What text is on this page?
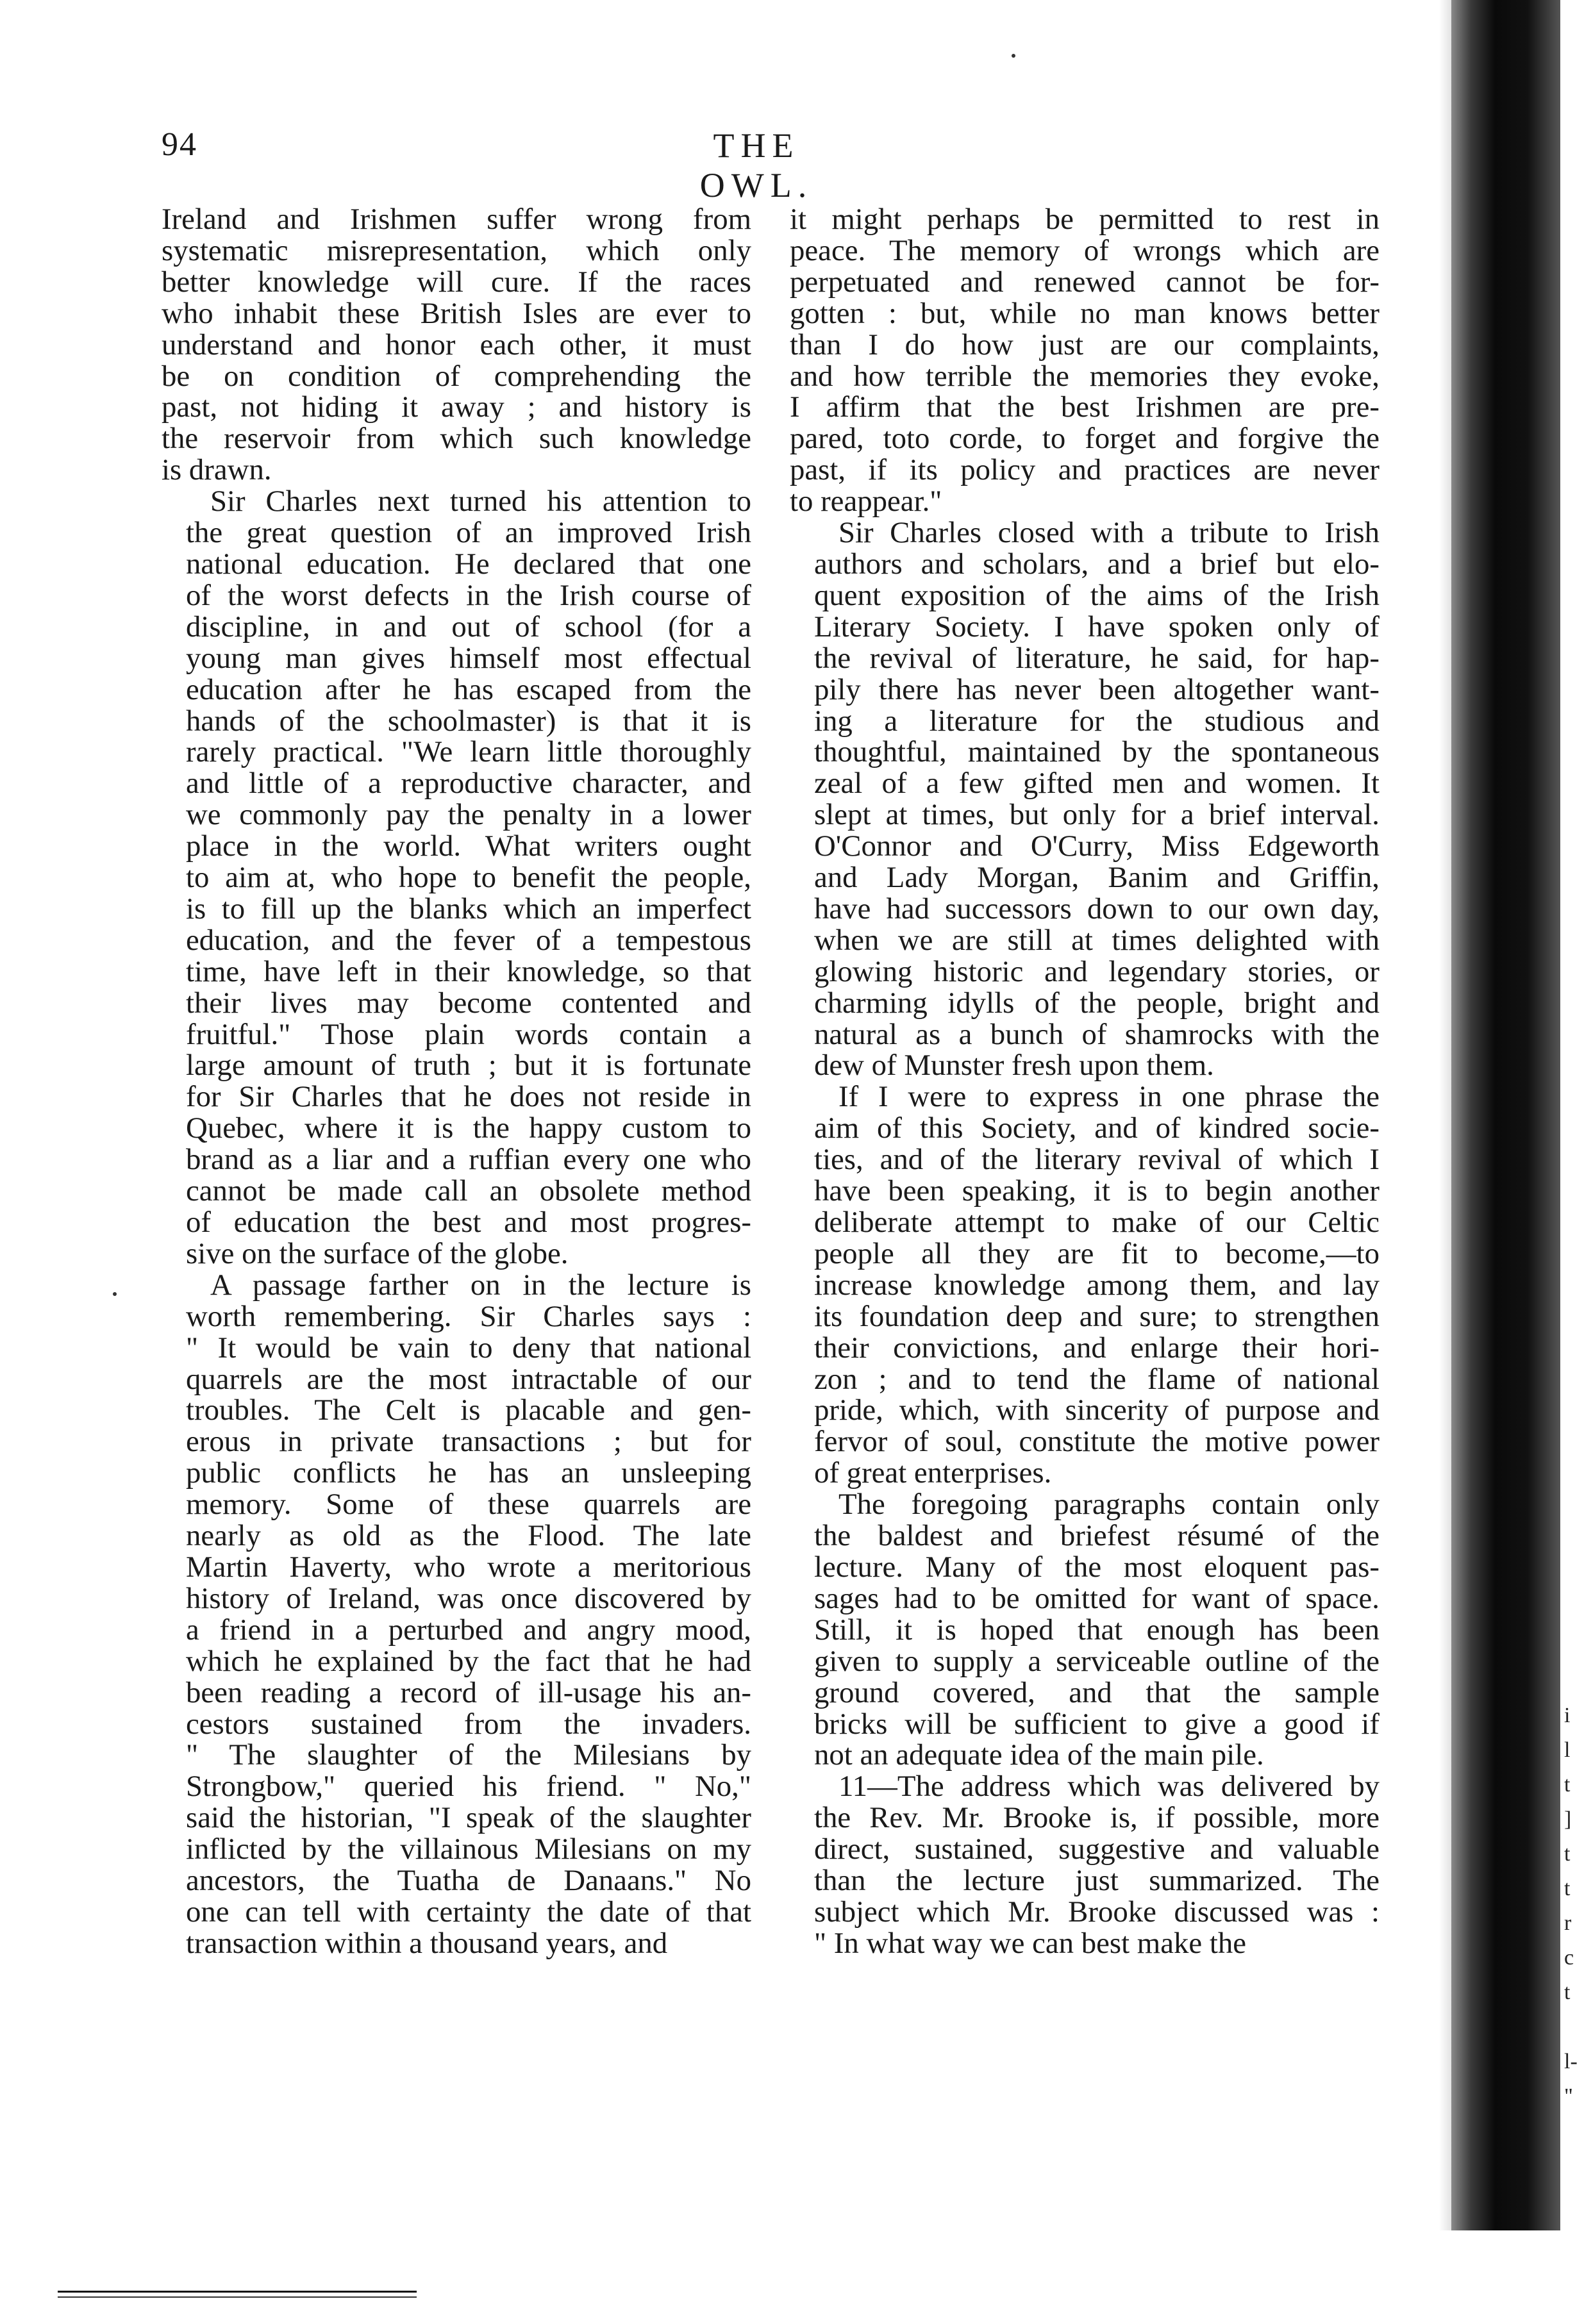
94	THE OWL.

Ireland and Irishmen suffer wrong from
systematic misrepresentation, which only
better knowledge will cure. If the races
who inhabit these British Isles are ever to
understand and honor each other, it must
be on condition of comprehending the
past, not hiding it away ; and history is
the reservoir from which such knowledge
is drawn.

Sir Charles next turned his attention to
the great question of an improved Irish
national education. He declared that one
of the worst defects in the Irish course of
discipline, in and out of school (for a
young man gives himself most effectual
education after he has escaped from the
hands of the schoolmaster) is that it is
rarely practical. "We learn little thoroughly
and little of a reproductive character, and
we commonly pay the penalty in a lower
place in the world. What writers ought
to aim at, who hope to benefit the people,
is to fill up the blanks which an imperfect
education, and the fever of a tempestous
time, have left in their knowledge, so that
their lives may become contented and
fruitful." Those plain words contain a
large amount of truth ; but it is fortunate
for Sir Charles that he does not reside in
Quebec, where it is the happy custom to
brand as a liar and a ruffian every one who
cannot be made call an obsolete method
of education the best and most progres-
sive on the surface of the globe.

A passage farther on in the lecture is
worth remembering. Sir Charles says :
" It would be vain to deny that national
quarrels are the most intractable of our
troubles. The Celt is placable and gen-
erous in private transactions ; but for
public conflicts he has an unsleeping
memory. Some of these quarrels are
nearly as old as the Flood. The late
Martin Haverty, who wrote a meritorious
history of Ireland, was once discovered by
a friend in a perturbed and angry mood,
which he explained by the fact that he had
been reading a record of ill-usage his an-
cestors sustained from the invaders.
" The slaughter of the Milesians by
Strongbow," queried his friend. " No,"
said the historian, "I speak of the slaughter
inflicted by the villainous Milesians on my
ancestors, the Tuatha de Danaans." No
one can tell with certainty the date of that
transaction within a thousand years, and

it might perhaps be permitted to rest in
peace. The memory of wrongs which are
perpetuated and renewed cannot be for-
gotten : but, while no man knows better
than I do how just are our complaints,
and how terrible the memories they evoke,
I affirm that the best Irishmen are pre-
pared, toto corde, to forget and forgive the
past, if its policy and practices are never
to reappear."

Sir Charles closed with a tribute to Irish
authors and scholars, and a brief but elo-
quent exposition of the aims of the Irish
Literary Society. I have spoken only of
the revival of literature, he said, for hap-
pily there has never been altogether want-
ing a literature for the studious and
thoughtful, maintained by the spontaneous
zeal of a few gifted men and women. It
slept at times, but only for a brief interval.
O'Connor and O'Curry, Miss Edgeworth
and Lady Morgan, Banim and Griffin,
have had successors down to our own day,
when we are still at times delighted with
glowing historic and legendary stories, or
charming idylls of the people, bright and
natural as a bunch of shamrocks with the
dew of Munster fresh upon them.

If I were to express in one phrase the
aim of this Society, and of kindred socie-
ties, and of the literary revival of which I
have been speaking, it is to begin another
deliberate attempt to make of our Celtic
people all they are fit to become,—to
increase knowledge among them, and lay
its foundation deep and sure; to strengthen
their convictions, and enlarge their hori-
zon ; and to tend the flame of national
pride, which, with sincerity of purpose and
fervor of soul, constitute the motive power
of great enterprises.

The foregoing paragraphs contain only
the baldest and briefest résumé of the
lecture. Many of the most eloquent pas-
sages had to be omitted for want of space.
Still, it is hoped that enough has been
given to supply a serviceable outline of the
ground covered, and that the sample
bricks will be sufficient to give a good if
not an adequate idea of the main pile.

11—The address which was delivered by
the Rev. Mr. Brooke is, if possible, more
direct, sustained, suggestive and valuable
than the lecture just summarized. The
subject which Mr. Brooke discussed was :
" In what way we can best make the

i
l
t
]
t
t
r
c
t

l-
"
